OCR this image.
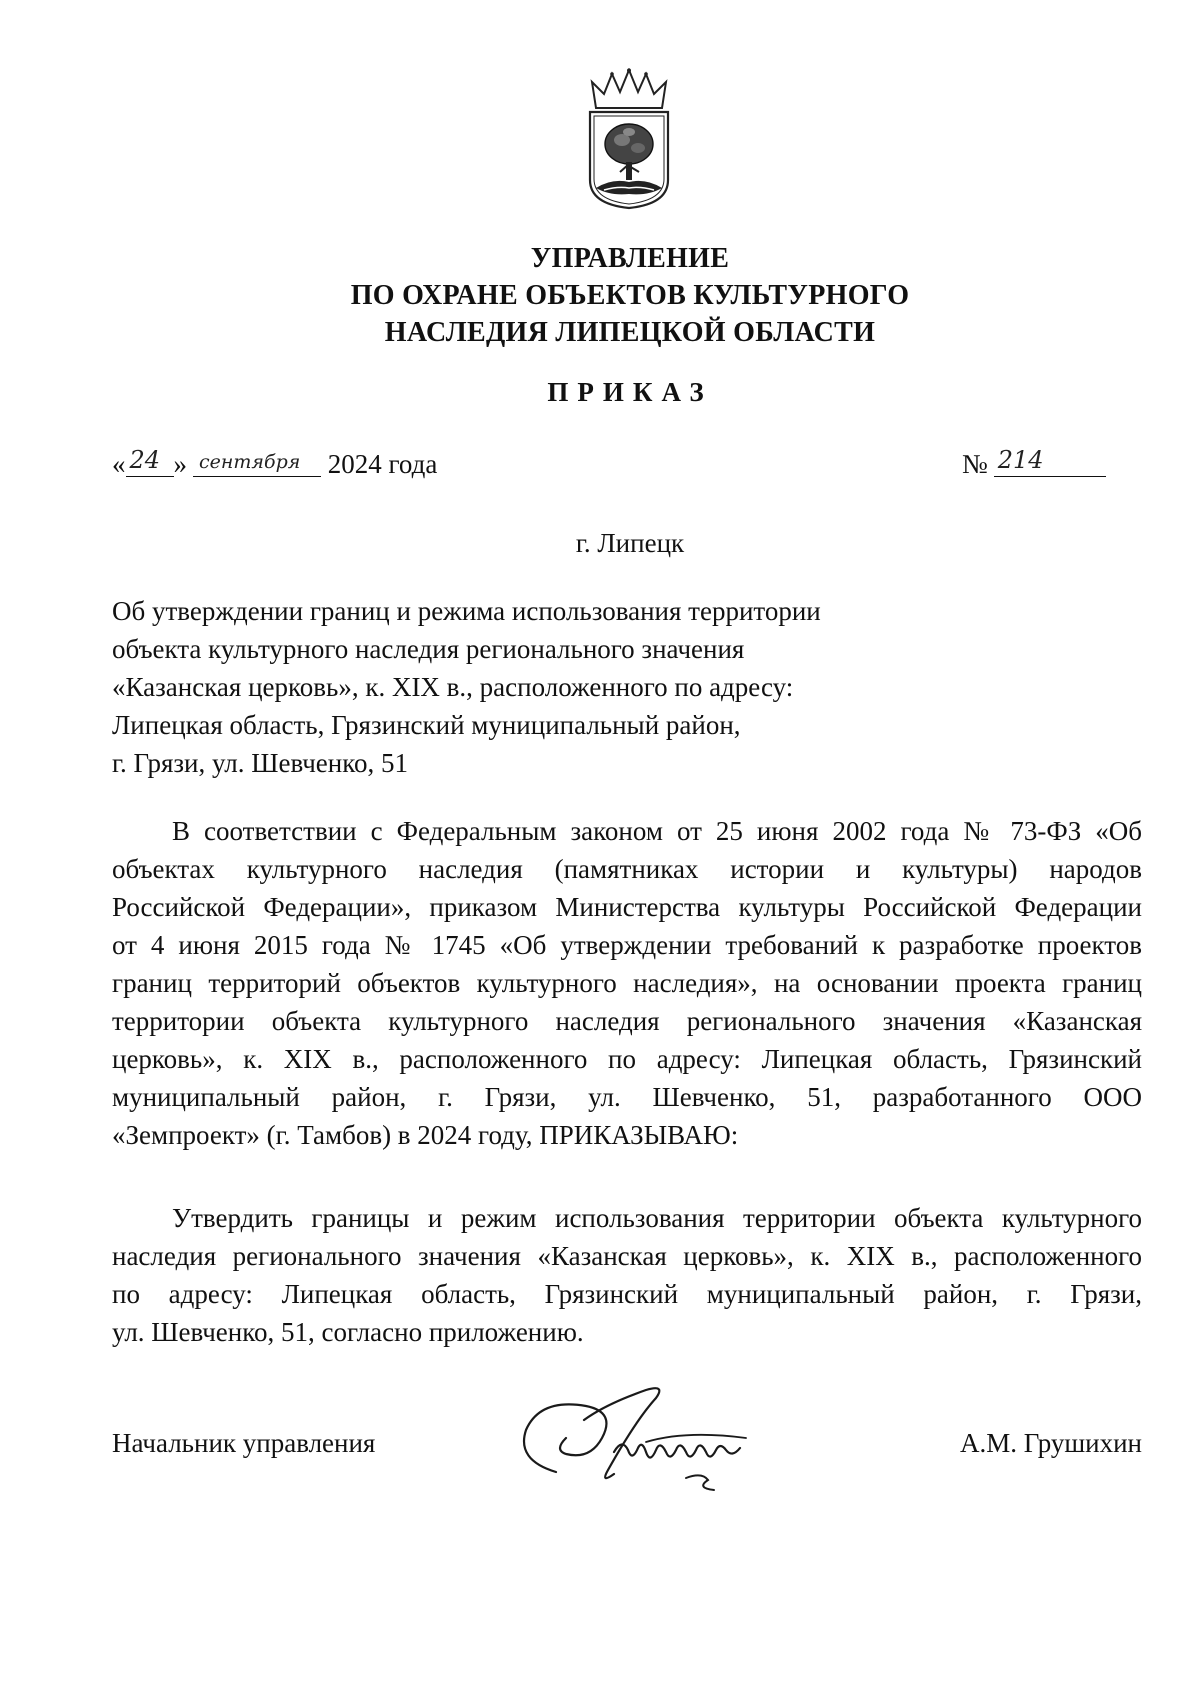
УПРАВЛЕНИЕ
ПО ОХРАНЕ ОБЪЕКТОВ КУЛЬТУРНОГО
НАСЛЕДИЯ ЛИПЕЦКОЙ ОБЛАСТИ
ПРИКАЗ
« 24 » сентября 2024 года	№ 214
г. Липецк
Об утверждении границ и режима использования территории
объекта культурного наследия регионального значения
«Казанская церковь», к. XIX в., расположенного по адресу:
Липецкая область, Грязинский муниципальный район,
г. Грязи, ул. Шевченко, 51
В соответствии с Федеральным законом от 25 июня 2002 года № 73-ФЗ «Об
объектах культурного наследия (памятниках истории и культуры) народов
Российской Федерации», приказом Министерства культуры Российской Федерации
от 4 июня 2015 года № 1745 «Об утверждении требований к разработке проектов
границ территорий объектов культурного наследия», на основании проекта границ
территории объекта культурного наследия регионального значения «Казанская
церковь», к. XIX в., расположенного по адресу: Липецкая область, Грязинский
муниципальный район, г. Грязи, ул. Шевченко, 51, разработанного ООО
«Земпроект» (г. Тамбов) в 2024 году, ПРИКАЗЫВАЮ:
Утвердить границы и режим использования территории объекта культурного
наследия регионального значения «Казанская церковь», к. XIX в., расположенного
по адресу: Липецкая область, Грязинский муниципальный район, г. Грязи,
ул. Шевченко, 51, согласно приложению.
Начальник управления	А.М. Грушихин
